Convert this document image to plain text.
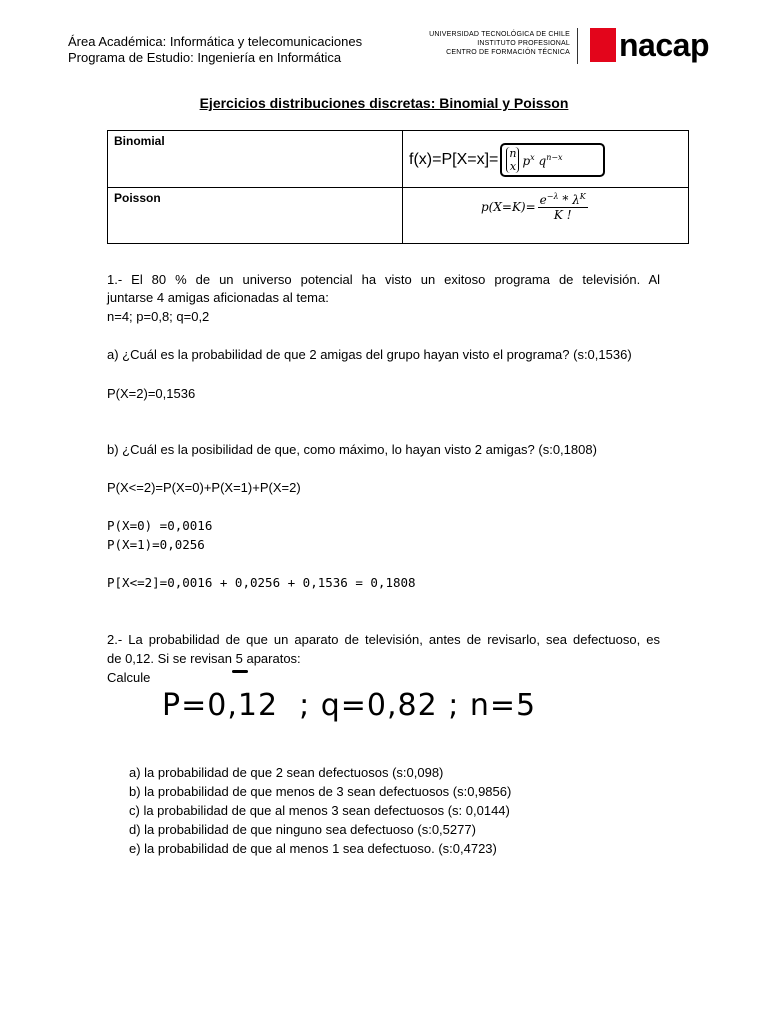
Área Académica: Informática y telecomunicaciones
Programa de Estudio: Ingeniería en Informática
UNIVERSIDAD TECNOLÓGICA DE CHILE
INSTITUTO PROFESIONAL
CENTRO DE FORMACIÓN TÉCNICA nacap
Ejercicios distribuciones discretas: Binomial y Poisson
Binomial	f(x)=P[X=x]= n
x $p^x$ $q^{n-x}$

Poisson	$p(X=K)= \frac{e^{-\lambda} * \lambda^K}{K !}$
1.- El 80 % de un universo potencial ha visto un exitoso programa de televisión. Al
juntarse 4 amigas aficionadas al tema:
n=4; p=0,8; q=0,2
a) ¿Cuál es la probabilidad de que 2 amigas del grupo hayan visto el programa? (s:0,1536)
P(X=2)=0,1536
b) ¿Cuál es la posibilidad de que, como máximo, lo hayan visto 2 amigas? (s:0,1808)
P(X<=2)=P(X=0)+P(X=1)+P(X=2)
P(X=0) =0,0016
P(X=1)=0,0256
P[X<=2]=0,0016 + 0,0256 + 0,1536 = 0,1808
2.- La probabilidad de que un aparato de televisión, antes de revisarlo, sea defectuoso, es
de 0,12. Si se revisan 5 aparatos:
Calcule
P=0,12  ; q=0,82 ; n=5
a) la probabilidad de que 2 sean defectuosos (s:0,098)
b) la probabilidad de que menos de 3 sean defectuosos (s:0,9856)
c) la probabilidad de que al menos 3 sean defectuosos (s: 0,0144)
d) la probabilidad de que ninguno sea defectuoso (s:0,5277)
e) la probabilidad de que al menos 1 sea defectuoso. (s:0,4723)
